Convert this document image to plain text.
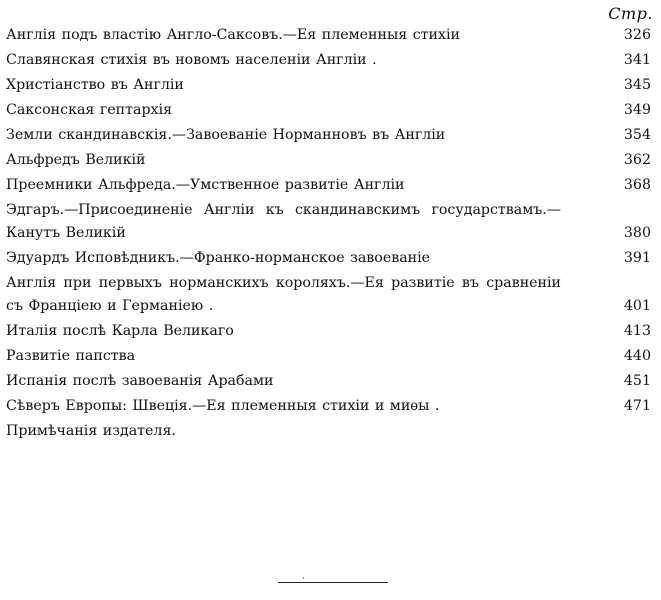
Стр.
Англія подъ властію Англо-Саксовъ.—Ея племенныя стихіи	326
Славянская стихія въ новомъ населеніи Англіи .	341
Христіанство въ Англіи	345
Саксонская гептархія	349
Земли скандинавскія.—Завоеваніе Норманновъ въ Англіи	354
Альфредъ Великій	362
Преемники Альфреда.—Умственное развитіе Англіи	368
Эдгаръ.—Присоединеніе Англіи къ скандинавскимъ государствамъ.—Канутъ Великій	380
Эдуардъ Исповѣдникъ.—Франко-норманское завоеваніе	391
Англія при первыхъ норманскихъ короляхъ.—Ея развитіе въ сравненіи съ Франціею и Германіею .	401
Италія послѣ Карла Великаго	413
Развитіе папства	440
Испанія послѣ завоеванія Арабами	451
Сѣверъ Европы: Швеція.—Ея племенныя стихіи и миѳы .	471
Примѣчанія издателя.
·
